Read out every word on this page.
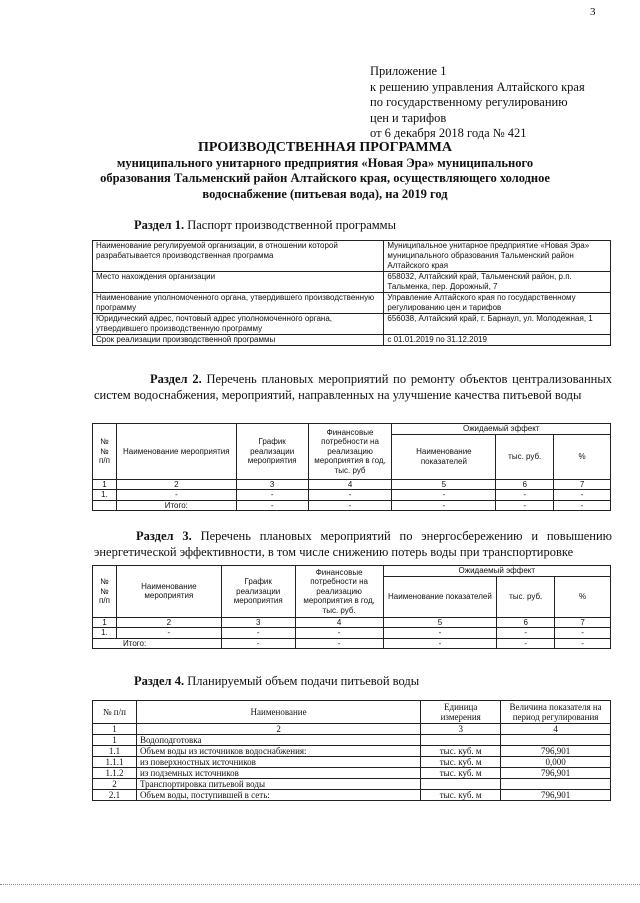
3
Приложение 1
к решению управления Алтайского края
по государственному регулированию
цен и тарифов
от 6 декабря 2018 года № 421
ПРОИЗВОДСТВЕННАЯ ПРОГРАММА
муниципального унитарного предприятия «Новая Эра» муниципального
образования Тальменский район Алтайского края, осуществляющего холодное
водоснабжение (питьевая вода), на 2019 год
Раздел 1. Паспорт производственной программы
Наименование регулируемой организации, в отношении которой разрабатывается производственная программа	Муниципальное унитарное предприятие «Новая Эра» муниципального образования Тальменский район Алтайского края
Место нахождения организации	658032, Алтайский край, Тальменский район, р.п. Тальменка, пер. Дорожный, 7
Наименование уполномоченного органа, утвердившего производственную программу	Управление Алтайского края по государственному регулированию цен и тарифов
Юридический адрес, почтовый адрес уполномоченного органа, утвердившего производственную программу	656038, Алтайский край, г. Барнаул, ул. Молодежная, 1
Срок реализации производственной программы	с 01.01.2019 по 31.12.2019
Раздел 2. Перечень плановых мероприятий по ремонту объектов централизованных систем водоснабжения, мероприятий, направленных на улучшение качества питьевой воды
№№ п/п	Наименование мероприятия	График реализации мероприятия	Финансовые потребности на реализацию мероприятия в год, тыс. руб	Ожидаемый эффект		
				Наименование показателей	тыс. руб.	%
1	2	3	4	5	6	7
1.	-	-	-	-	-	-
	Итого:	-	-	-	-	-
Раздел 3. Перечень плановых мероприятий по энергосбережению и повышению энергетической эффективности, в том числе снижению потерь воды при транспортировке
№№ п/п	Наименование мероприятия	График реализации мероприятия	Финансовые потребности на реализацию мероприятия в год, тыс. руб.	Ожидаемый эффект		
				Наименование показателей	тыс. руб.	%
1	2	3	4	5	6	7
1.	-	-	-	-	-	-
Итого:		-	-	-	-	-
Раздел 4. Планируемый объем подачи питьевой воды
№ п/п	Наименование	Единица измерения	Величина показателя на период регулирования
1	2	3	4
1	Водоподготовка		
1.1	Объем воды из источников водоснабжения:	тыс. куб. м	796,901
1.1.1	из поверхностных источников	тыс. куб. м	0,000
1.1.2	из подземных источников	тыс. куб. м	796,901
2	Транспортировка питьевой воды		
2.1	Объем воды, поступившей в сеть:	тыс. куб. м	796,901
